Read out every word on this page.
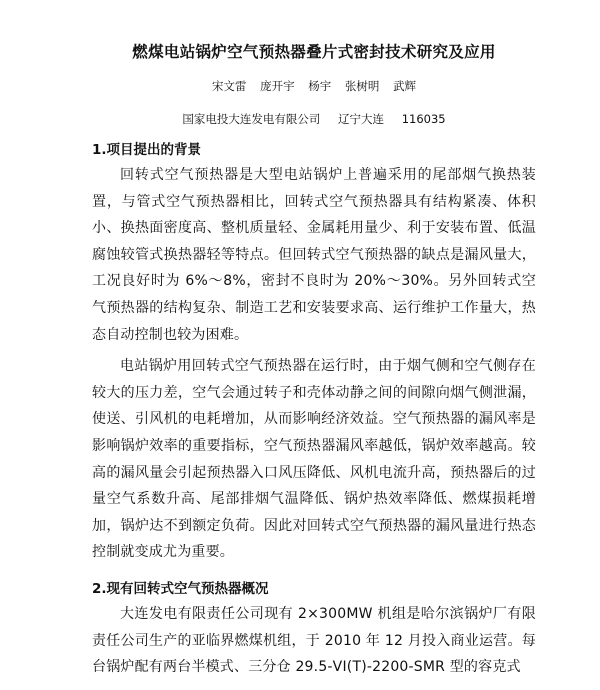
燃煤电站锅炉空气预热器叠片式密封技术研究及应用
宋文雷 庞开宇 杨宇 张树明 武辉
国家电投大连发电有限公司 辽宁大连 116035
1.项目提出的背景

回转式空气预热器是大型电站锅炉上普遍采用的尾部烟气换热装置，与管式空气预热器相比，回转式空气预热器具有结构紧凑、体积小、换热面密度高、整机质量轻、金属耗用量少、利于安装布置、低温腐蚀较管式换热器轻等特点。但回转式空气预热器的缺点是漏风量大，工况良好时为 6%～8%，密封不良时为 20%～30%。另外回转式空气预热器的结构复杂、制造工艺和安装要求高、运行维护工作量大，热态自动控制也较为困难。

电站锅炉用回转式空气预热器在运行时，由于烟气侧和空气侧存在较大的压力差，空气会通过转子和壳体动静之间的间隙向烟气侧泄漏，使送、引风机的电耗增加，从而影响经济效益。空气预热器的漏风率是影响锅炉效率的重要指标，空气预热器漏风率越低，锅炉效率越高。较高的漏风量会引起预热器入口风压降低、风机电流升高，预热器后的过量空气系数升高、尾部排烟气温降低、锅炉热效率降低、燃煤损耗增加，锅炉达不到额定负荷。因此对回转式空气预热器的漏风量进行热态控制就变成尤为重要。

2.现有回转式空气预热器概况

大连发电有限责任公司现有 2×300MW 机组是哈尔滨锅炉厂有限责任公司生产的亚临界燃煤机组，于 2010 年 12 月投入商业运营。每台锅炉配有两台半模式、三分仓 29.5-VI(T)-2200-SMR 型的容克式
